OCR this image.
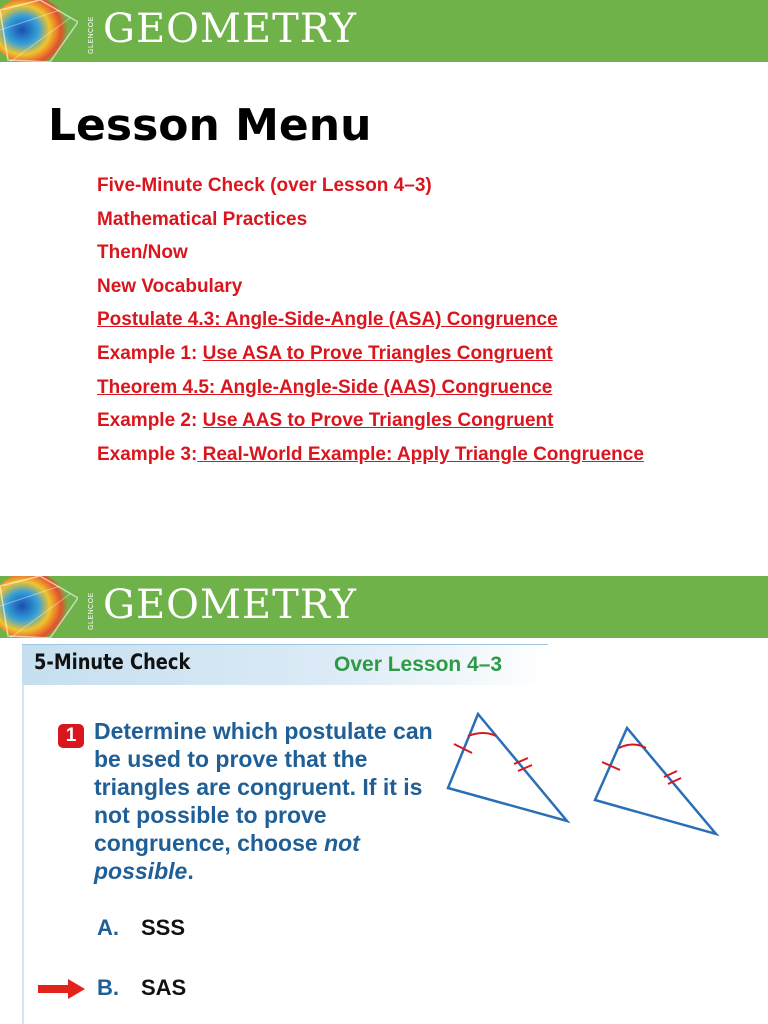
GLENCOE GEOMETRY
Lesson Menu
Five-Minute Check (over Lesson 4–3)
Mathematical Practices
Then/Now
New Vocabulary
Postulate 4.3: Angle-Side-Angle (ASA) Congruence
Example 1: Use ASA to Prove Triangles Congruent
Theorem 4.5: Angle-Angle-Side (AAS) Congruence
Example 2: Use AAS to Prove Triangles Congruent
Example 3: Real-World Example: Apply Triangle Congruence
GLENCOE GEOMETRY
5-Minute Check	Over Lesson 4–3
1 Determine which postulate can be used to prove that the triangles are congruent. If it is not possible to prove congruence, choose not possible.

A. SSS
B. SAS
